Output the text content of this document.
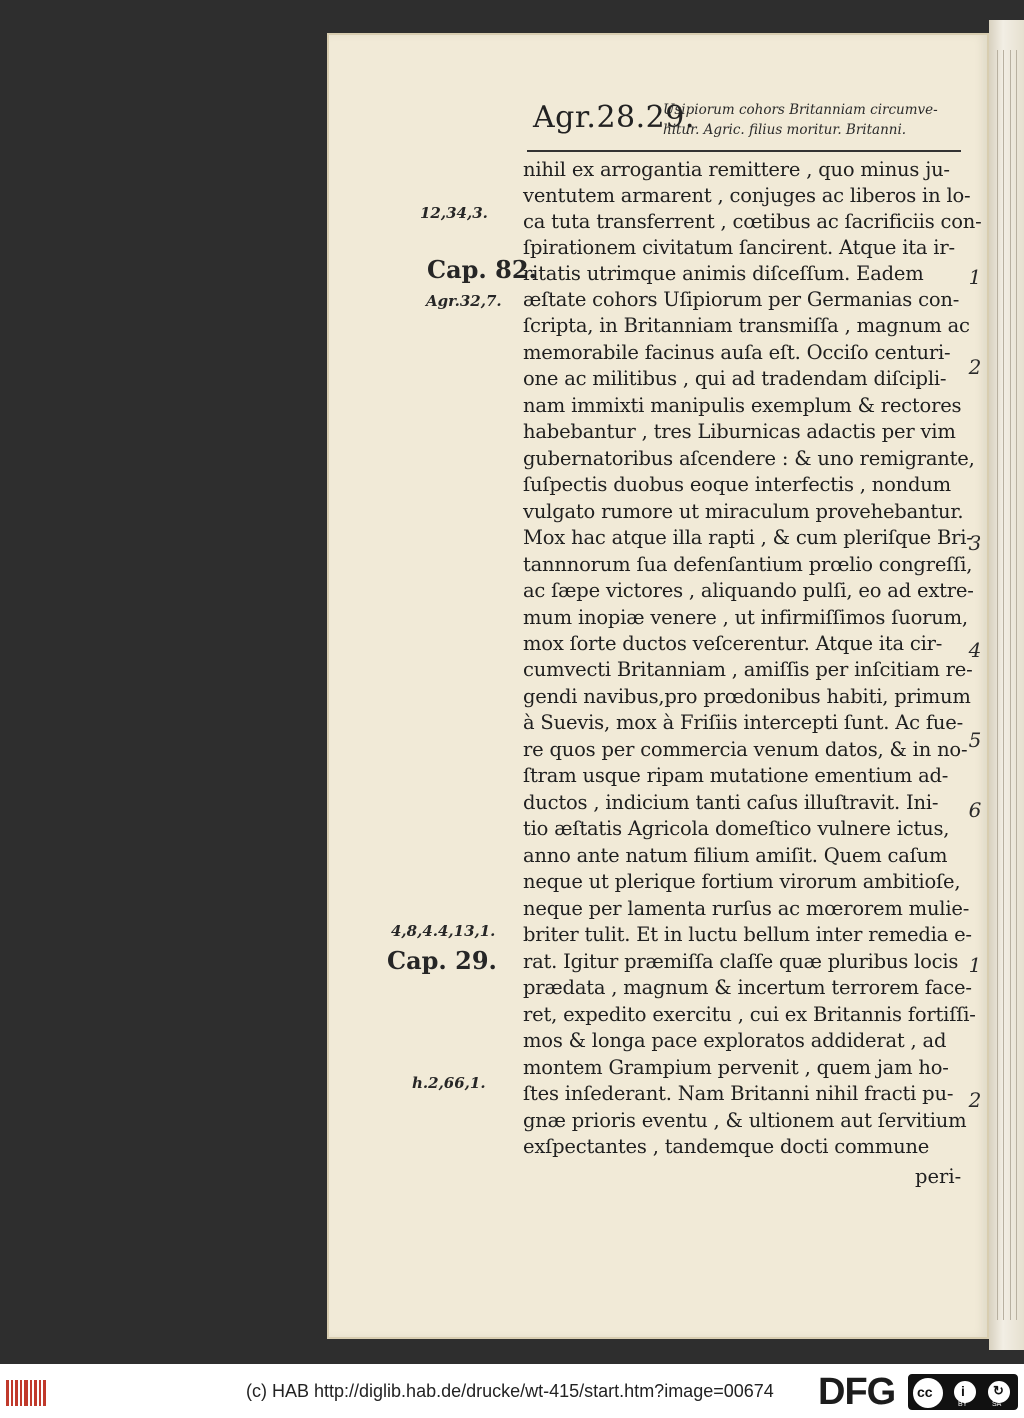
Agr.28.29.
Usipiorum cohors Britanniam circumve-
hitur. Agric. filius moritur. Britanni.
nihil ex arrogantia remittere , quo minus ju-
ventutem armarent , conjuges ac liberos in lo-
ca tuta transferrent , cœtibus ac ſacrificiis con-
ſpirationem civitatum ſancirent. Atque ita ir-
ritatis utrimque animis diſceſſum. Eadem
æſtate cohors Uſipiorum per Germanias con-
ſcripta, in Britanniam transmiſſa , magnum ac
memorabile facinus auſa eſt. Occiſo centuri-
one ac militibus , qui ad tradendam diſcipli-
nam immixti manipulis exemplum & rectores
habebantur , tres Liburnicas adactis per vim
gubernatoribus aſcendere : & uno remigrante,
ſuſpectis duobus eoque interfectis , nondum
vulgato rumore ut miraculum provehebantur.
Mox hac atque illa rapti , & cum pleriſque Bri-
tannnorum ſua defenſantium prœlio congreſſi,
ac ſæpe victores , aliquando pulſi, eo ad extre-
mum inopiæ venere , ut infirmiſſimos ſuorum,
mox ſorte ductos veſcerentur. Atque ita cir-
cumvecti Britanniam , amiſſis per inſcitiam re-
gendi navibus,pro prœdonibus habiti, primum
à Suevis, mox à Friſiis intercepti ſunt. Ac fue-
re quos per commercia venum datos, & in no-
ſtram usque ripam mutatione ementium ad-
ductos , indicium tanti caſus illuſtravit. Ini-
tio æſtatis Agricola domeſtico vulnere ictus,
anno ante natum filium amiſit. Quem caſum
neque ut plerique fortium virorum ambitioſe,
neque per lamenta rurſus ac mœrorem mulie-
briter tulit. Et in luctu bellum inter remedia e-
rat. Igitur præmiſſa claſſe quæ pluribus locis
prædata , magnum & incertum terrorem face-
ret, expedito exercitu , cui ex Britannis fortiſſi-
mos & longa pace exploratos addiderat , ad
montem Grampium pervenit , quem jam ho-
ſtes inſederant. Nam Britanni nihil fracti pu-
gnæ prioris eventu , & ultionem aut ſervitium
exſpectantes , tandemque docti commune
peri-
12,34,3.
Cap. 82.
Agr.32,7.
4,8,4.4,13,1.
Cap. 29.
h.2,66,1.
1
2
3
4
5
6
1
2
(c) HAB http://diglib.hab.de/drucke/wt-415/start.htm?image=00674 DFG cc i ↻
BY	SA
